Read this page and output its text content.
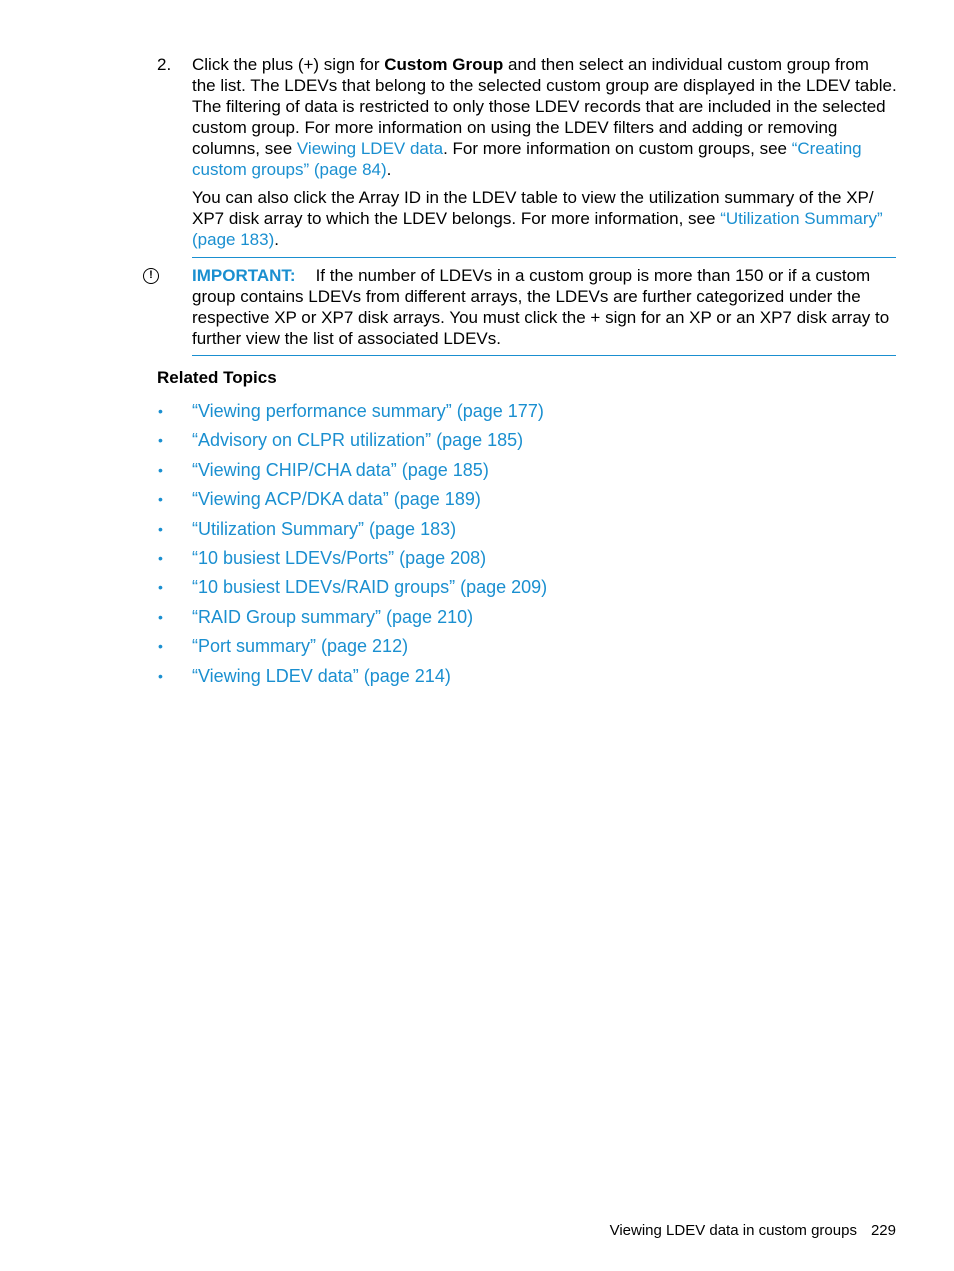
2. Click the plus (+) sign for Custom Group and then select an individual custom group from the list. The LDEVs that belong to the selected custom group are displayed in the LDEV table. The filtering of data is restricted to only those LDEV records that are included in the selected custom group. For more information on using the LDEV filters and adding or removing columns, see Viewing LDEV data. For more information on custom groups, see “Creating custom groups” (page 84).

You can also click the Array ID in the LDEV table to view the utilization summary of the XP/ XP7 disk array to which the LDEV belongs. For more information, see “Utilization Summary” (page 183).

!	IMPORTANT: If the number of LDEVs in a custom group is more than 150 or if a custom group contains LDEVs from different arrays, the LDEVs are further categorized under the respective XP or XP7 disk arrays. You must click the + sign for an XP or an XP7 disk array to further view the list of associated LDEVs.
Related Topics
• “Viewing performance summary” (page 177)
• “Advisory on CLPR utilization” (page 185)
• “Viewing CHIP/CHA data” (page 185)
• “Viewing ACP/DKA data” (page 189)
• “Utilization Summary” (page 183)
• “10 busiest LDEVs/Ports” (page 208)
• “10 busiest LDEVs/RAID groups” (page 209)
• “RAID Group summary” (page 210)
• “Port summary” (page 212)
• “Viewing LDEV data” (page 214)
Viewing LDEV data in custom groups 229
